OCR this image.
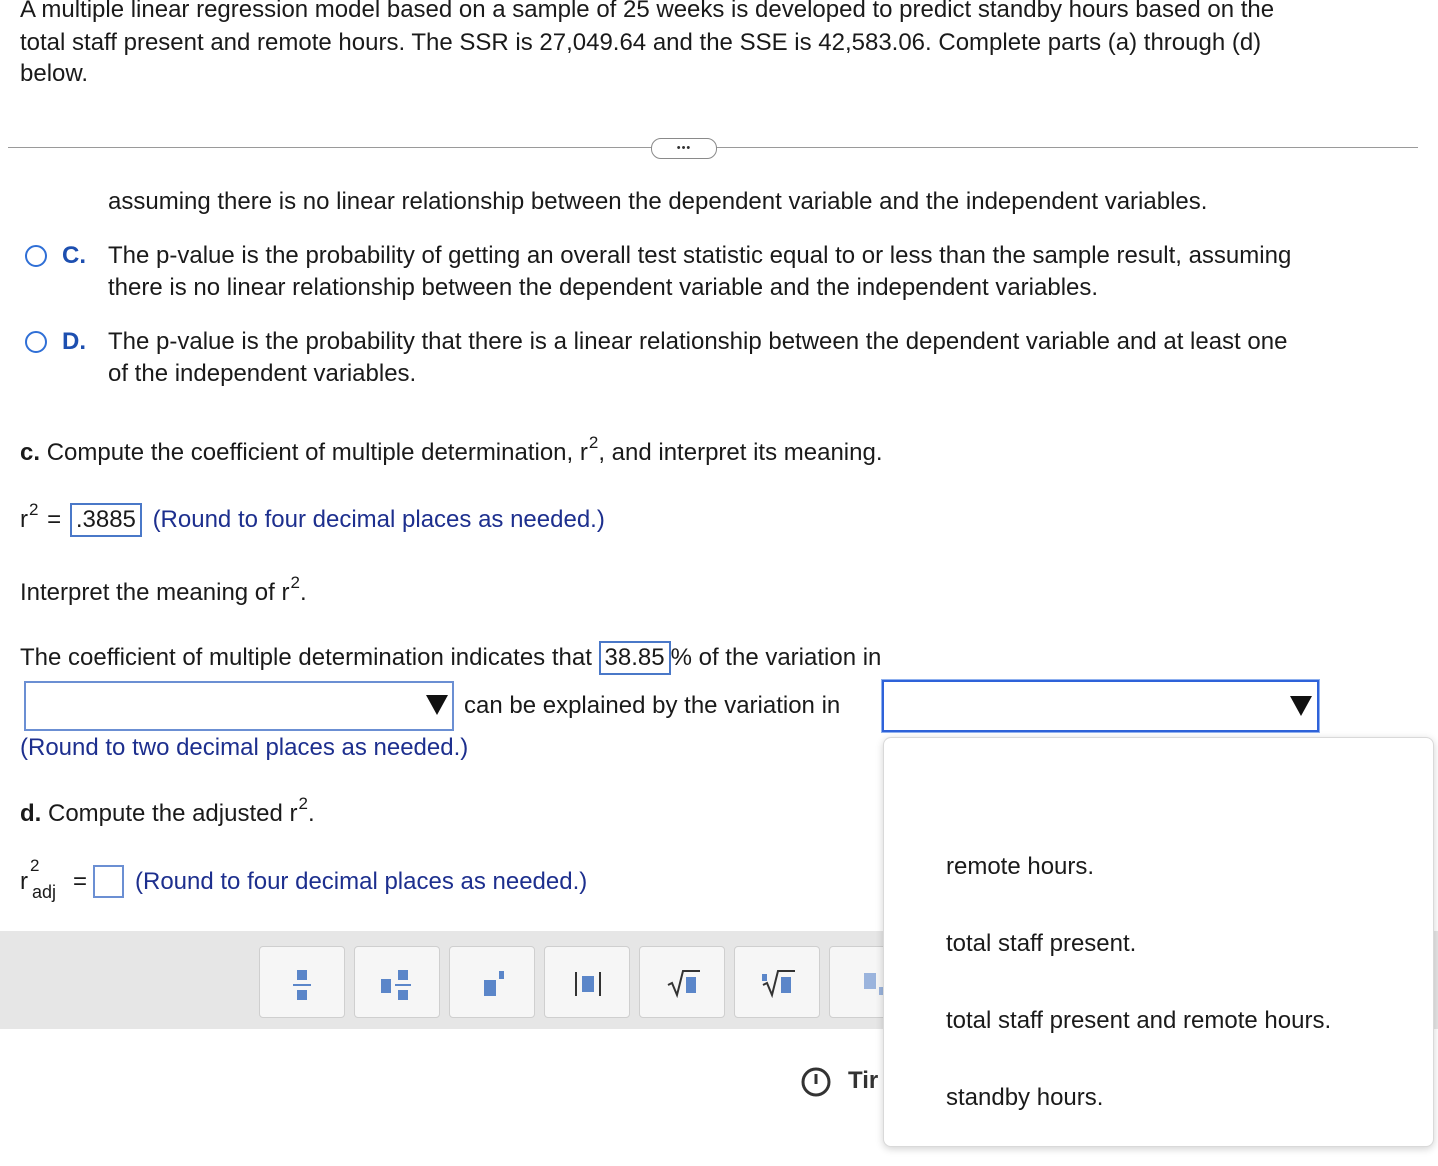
A multiple linear regression model based on a sample of 25 weeks is developed to predict standby hours based on the
total staff present and remote hours. The SSR is 27,049.64 and the SSE is 42,583.06. Complete parts (a) through (d)
below.
•••
assuming there is no linear relationship between the dependent variable and the independent variables.
C. The p-value is the probability of getting an overall test statistic equal to or less than the sample result, assuming
there is no linear relationship between the dependent variable and the independent variables.
D. The p-value is the probability that there is a linear relationship between the dependent variable and at least one
of the independent variables.
c. Compute the coefficient of multiple determination, $r^2$, and interpret its meaning.
$r^2 = .3885$ (Round to four decimal places as needed.)
Interpret the meaning of $r^2$.
The coefficient of multiple determination indicates that 38.85 % of the variation in
can be explained by the variation in
(Round to two decimal places as needed.)
d. Compute the adjusted $r^2$.
r
2
adj = (Round to four decimal places as needed.)
Tir
remote hours.
total staff present.
total staff present and remote hours.
standby hours.
